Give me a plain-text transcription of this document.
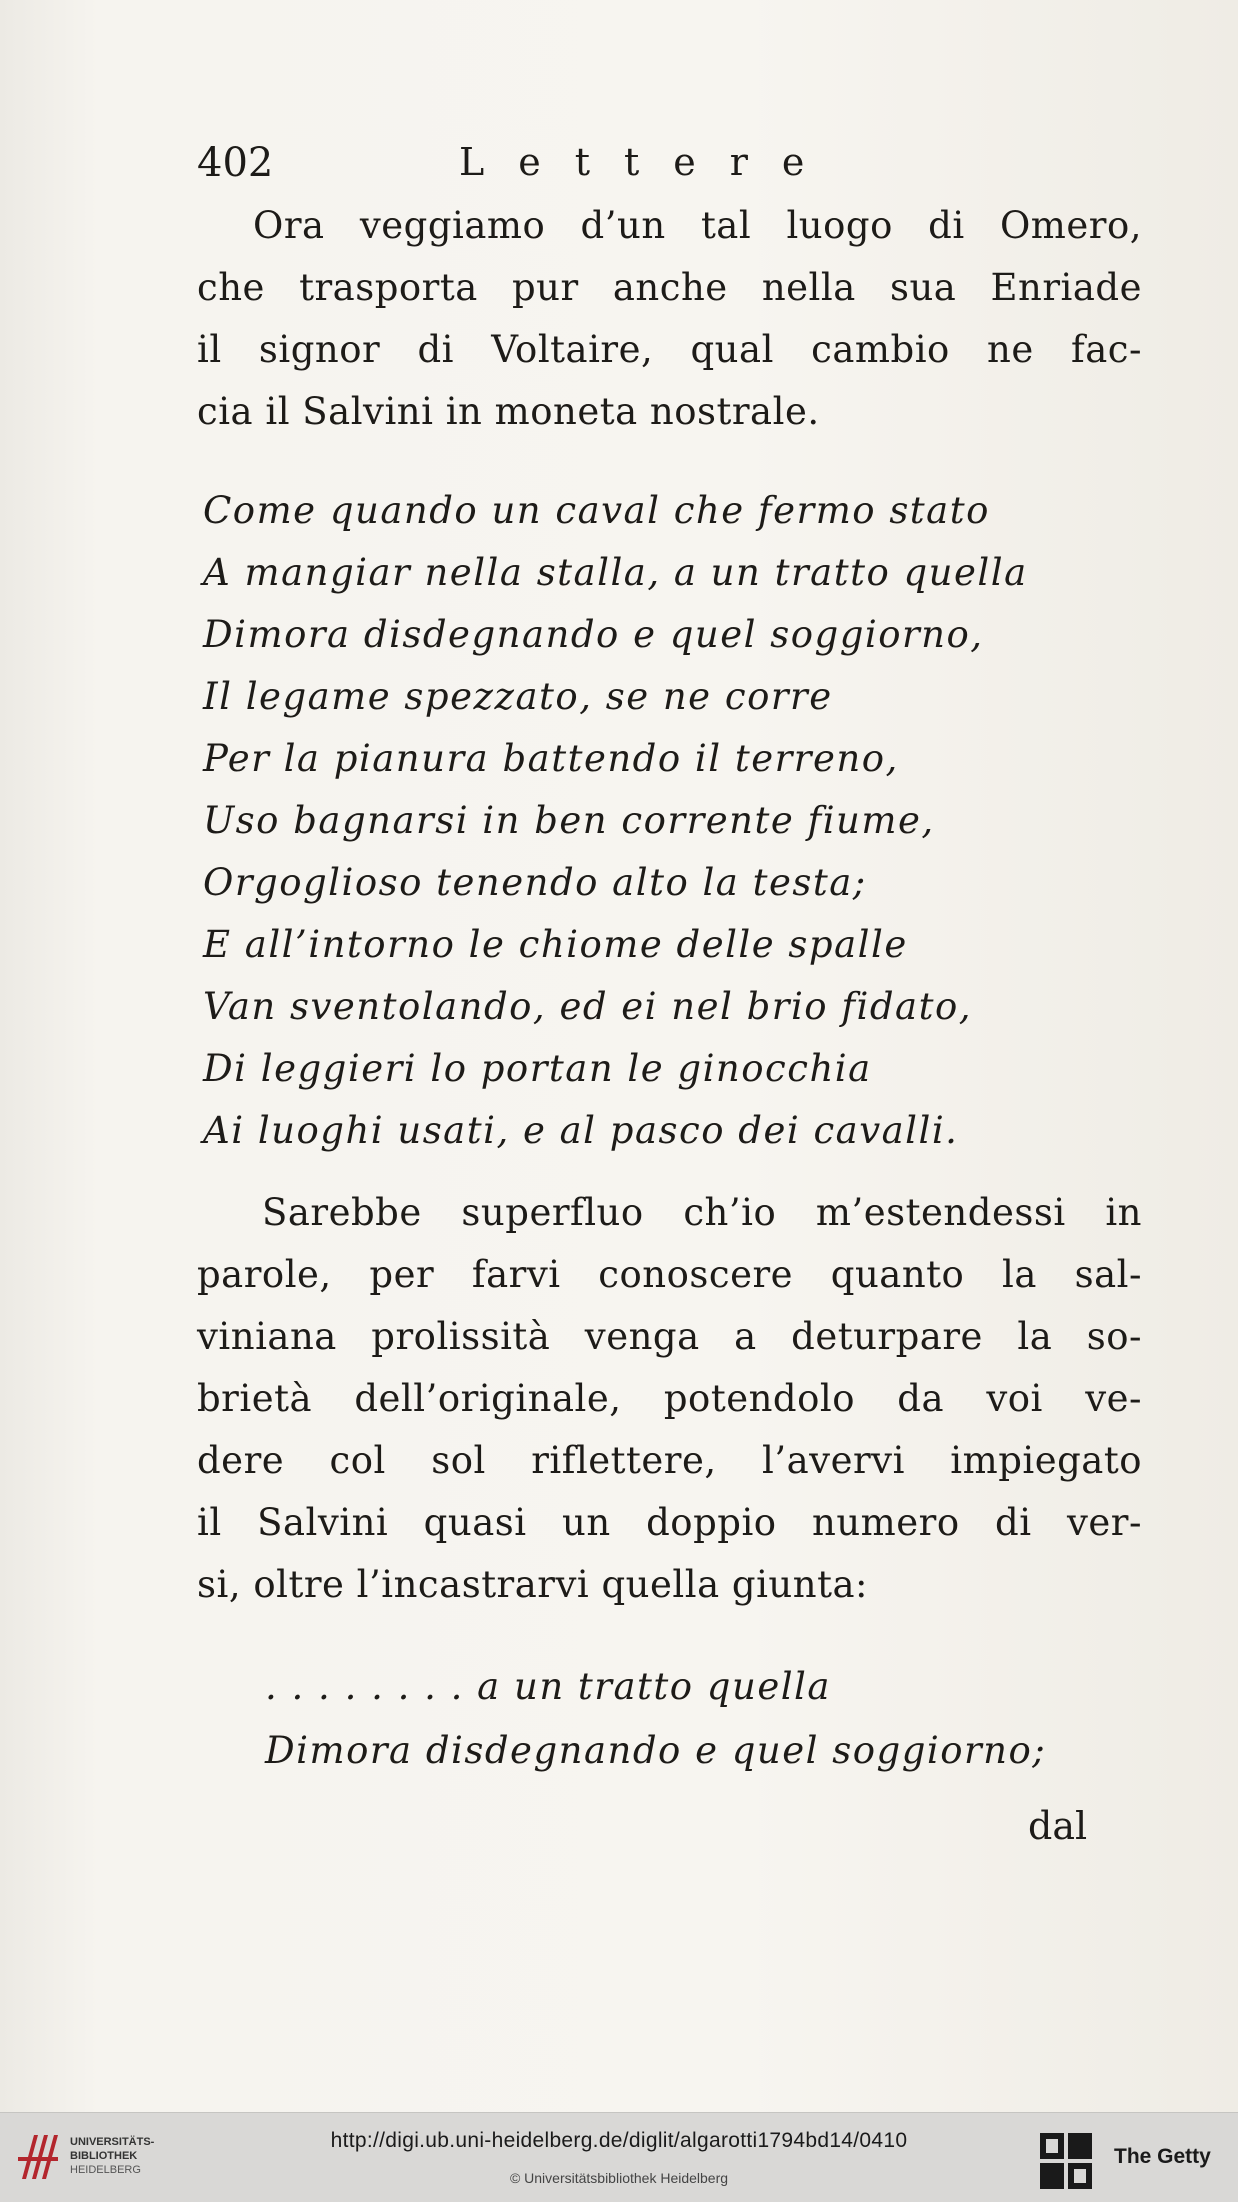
402	Lettere
Ora veggiamo d’un tal luogo di Omero,
che trasporta pur anche nella sua Enriade
il signor di Voltaire, qual cambio ne fac-
cia il Salvini in moneta nostrale.
Come quando un caval che fermo stato
A mangiar nella stalla, a un tratto quella
Dimora disdegnando e quel soggiorno,
Il legame spezzato, se ne corre
Per la pianura battendo il terreno,
Uso bagnarsi in ben corrente fiume,
Orgoglioso tenendo alto la testa;
E all’intorno le chiome delle spalle
Van sventolando, ed ei nel brio fidato,
Di leggieri lo portan le ginocchia
Ai luoghi usati, e al pasco dei cavalli.
Sarebbe superfluo ch’io m’estendessi in
parole, per farvi conoscere quanto la sal-
viniana prolissità venga a deturpare la so-
brietà dell’originale, potendolo da voi ve-
dere col sol riflettere, l’avervi impiegato
il Salvini quasi un doppio numero di ver-
si, oltre l’incastrarvi quella giunta:
. . . . . . . . a un tratto quella
Dimora disdegnando e quel soggiorno;
dal
UNIVERSITÄTS-
BIBLIOTHEK
HEIDELBERG
http://digi.ub.uni-heidelberg.de/diglit/algarotti1794bd14/0410
© Universitätsbibliothek Heidelberg
The Getty
